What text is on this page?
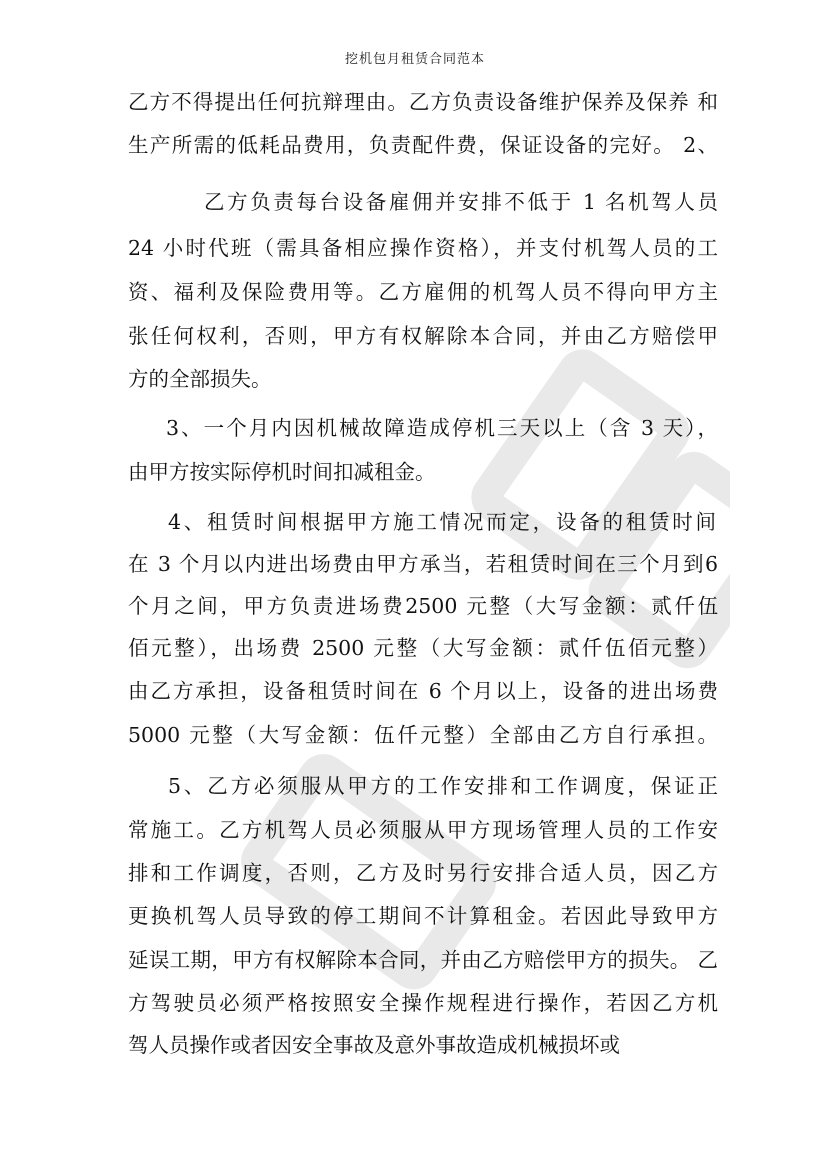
挖机包月租赁合同范本
乙方不得提出任何抗辩理由。乙方负责设备维护保养及保养 和
生产所需的低耗品费用，负责配件费，保证设备的完好。 2、
乙方负责每台设备雇佣并安排不低于 1 名机驾人员
24 小时代班（需具备相应操作资格），并支付机驾人员的工
资、福利及保险费用等。乙方雇佣的机驾人员不得向甲方主
张任何权利，否则，甲方有权解除本合同，并由乙方赔偿甲
方的全部损失。
3、一个月内因机械故障造成停机三天以上（含 3 天），
由甲方按实际停机时间扣减租金。
4、租赁时间根据甲方施工情况而定，设备的租赁时间
在 3 个月以内进出场费由甲方承当，若租赁时间在三个月到6
个月之间，甲方负责进场费2500 元整（大写金额：贰仟伍
佰元整），出场费 2500 元整（大写金额：贰仟伍佰元整）
由乙方承担，设备租赁时间在 6 个月以上，设备的进出场费
5000 元整（大写金额：伍仟元整）全部由乙方自行承担。
5、乙方必须服从甲方的工作安排和工作调度，保证正
常施工。乙方机驾人员必须服从甲方现场管理人员的工作安
排和工作调度，否则，乙方及时另行安排合适人员，因乙方
更换机驾人员导致的停工期间不计算租金。若因此导致甲方
延误工期，甲方有权解除本合同，并由乙方赔偿甲方的损失。 乙
方驾驶员必须严格按照安全操作规程进行操作，若因乙方机
驾人员操作或者因安全事故及意外事故造成机械损坏或
